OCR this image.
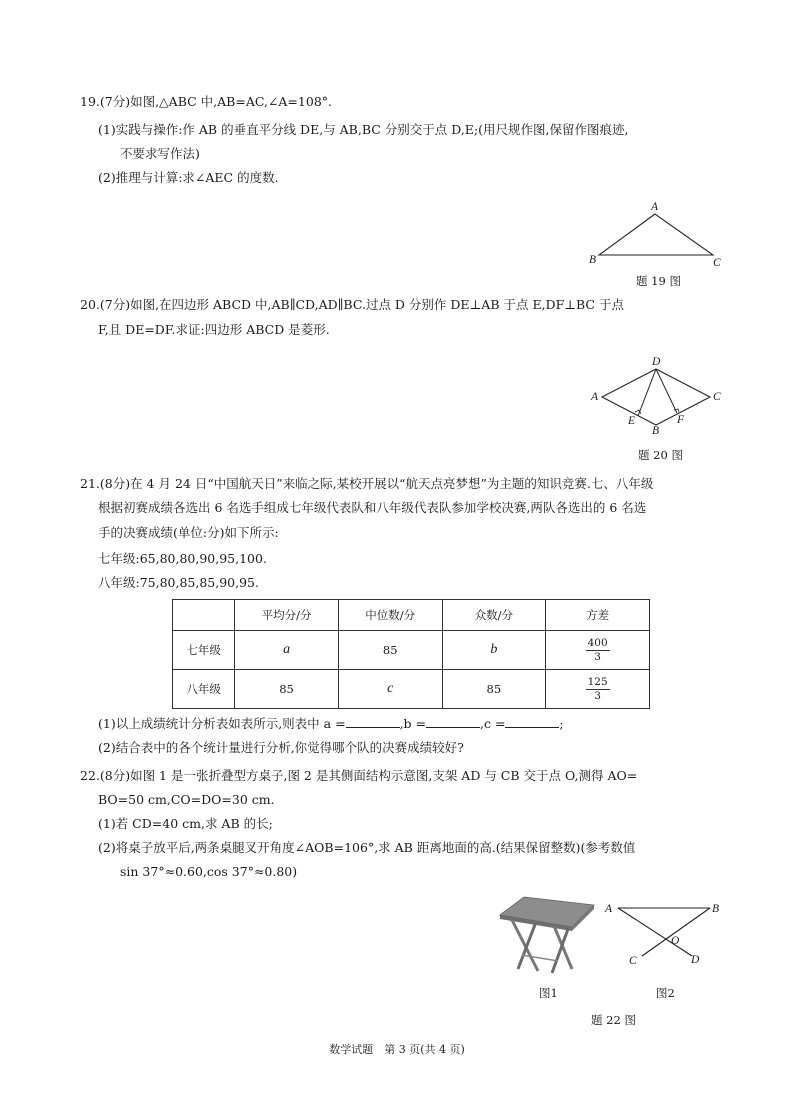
19.(7分)如图,△ABC 中,AB=AC,∠A=108°.
(1)实践与操作:作 AB 的垂直平分线 DE,与 AB,BC 分别交于点 D,E;(用尺规作图,保留作图痕迹,
不要求写作法)
(2)推理与计算:求∠AEC 的度数.
A
B	C
题 19 图
20.(7分)如图,在四边形 ABCD 中,AB∥CD,AD∥BC.过点 D 分别作 DE⊥AB 于点 E,DF⊥BC 于点
F,且 DE=DF.求证:四边形 ABCD 是菱形.
D
A	C
B
E	F
题 20 图
21.(8分)在 4 月 24 日“中国航天日”来临之际,某校开展以“航天点亮梦想”为主题的知识竞赛.七、八年级
根据初赛成绩各选出 6 名选手组成七年级代表队和八年级代表队参加学校决赛,两队各选出的 6 名选
手的决赛成绩(单位:分)如下所示:
七年级:65,80,80,90,95,100.
八年级:75,80,85,85,90,95.
	平均分/分	中位数/分	众数/分	方差
七年级	a	85	b	$\frac{400}{3}$

八年级	85	c	85	$\frac{125}{3}$
(1)以上成绩统计分析表如表所示,则表中 a =	,b =	,c =	;
(2)结合表中的各个统计量进行分析,你觉得哪个队的决赛成绩较好?
22.(8分)如图 1 是一张折叠型方桌子,图 2 是其侧面结构示意图,支架 AD 与 CB 交于点 O,测得 AO=
BO=50 cm,CO=DO=30 cm.
(1)若 CD=40 cm,求 AB 的长;
(2)将桌子放平后,两条桌腿叉开角度∠AOB=106°,求 AB 距离地面的高.(结果保留整数)(参考数值
sin 37°≈0.60,cos 37°≈0.80)
图1
A	B
C	D
O
图2
题 22 图
数学试题　第 3 页(共 4 页)
